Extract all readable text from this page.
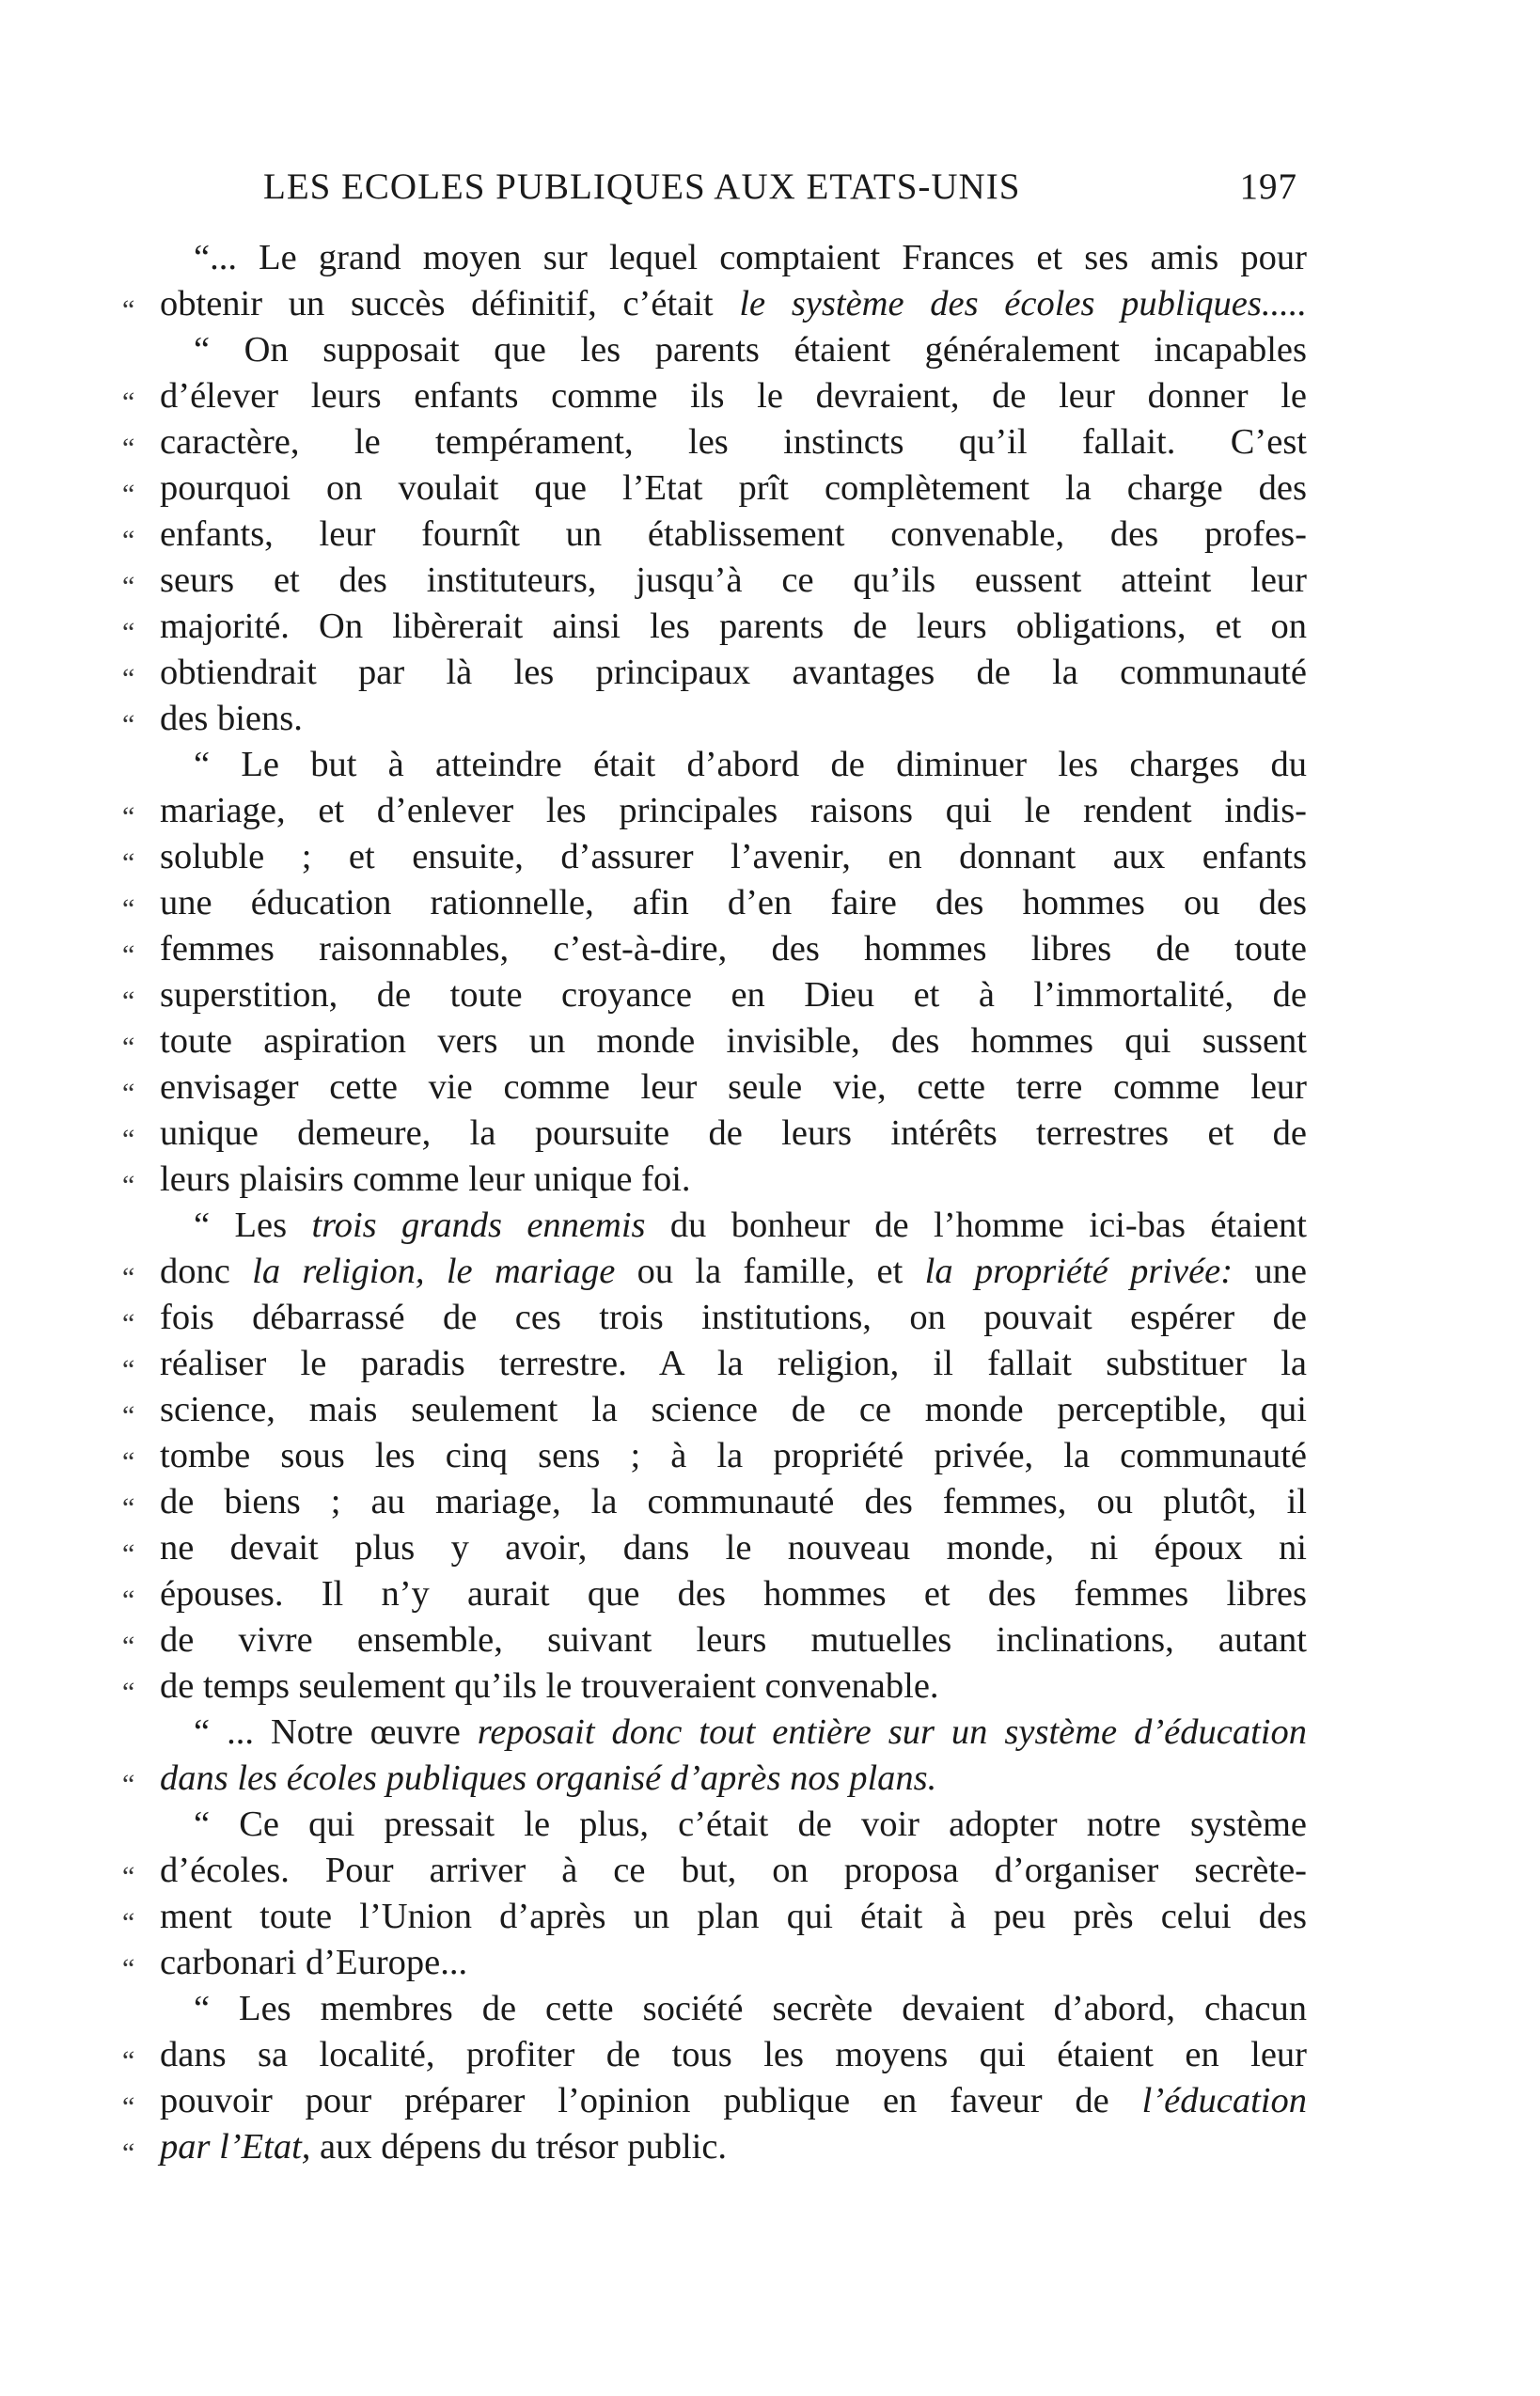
LES ECOLES PUBLIQUES AUX ETATS-UNIS	197
“... Le grand moyen sur lequel comptaient Frances et ses amis pour
“ obtenir un succès définitif, c’était le système des écoles publiques.....
“ On supposait que les parents étaient généralement incapables
“ d’élever leurs enfants comme ils le devraient, de leur donner le
“ caractère, le tempérament, les instincts qu’il fallait. C’est
“ pourquoi on voulait que l’Etat prît complètement la charge des
“ enfants, leur fournît un établissement convenable, des profes-
“ seurs et des instituteurs, jusqu’à ce qu’ils eussent atteint leur
“ majorité. On libèrerait ainsi les parents de leurs obligations, et on
“ obtiendrait par là les principaux avantages de la communauté
“ des biens.
“ Le but à atteindre était d’abord de diminuer les charges du
“ mariage, et d’enlever les principales raisons qui le rendent indis-
“ soluble ; et ensuite, d’assurer l’avenir, en donnant aux enfants
“ une éducation rationnelle, afin d’en faire des hommes ou des
“ femmes raisonnables, c’est-à-dire, des hommes libres de toute
“ superstition, de toute croyance en Dieu et à l’immortalité, de
“ toute aspiration vers un monde invisible, des hommes qui sussent
“ envisager cette vie comme leur seule vie, cette terre comme leur
“ unique demeure, la poursuite de leurs intérêts terrestres et de
“ leurs plaisirs comme leur unique foi.
“ Les trois grands ennemis du bonheur de l’homme ici-bas étaient
“ donc la religion, le mariage ou la famille, et la propriété privée: une
“ fois débarrassé de ces trois institutions, on pouvait espérer de
“ réaliser le paradis terrestre. A la religion, il fallait substituer la
“ science, mais seulement la science de ce monde perceptible, qui
“ tombe sous les cinq sens ; à la propriété privée, la communauté
“ de biens ; au mariage, la communauté des femmes, ou plutôt, il
“ ne devait plus y avoir, dans le nouveau monde, ni époux ni
“ épouses. Il n’y aurait que des hommes et des femmes libres
“ de vivre ensemble, suivant leurs mutuelles inclinations, autant
“ de temps seulement qu’ils le trouveraient convenable.
“ ... Notre œuvre reposait donc tout entière sur un système d’éducation
“ dans les écoles publiques organisé d’après nos plans.
“ Ce qui pressait le plus, c’était de voir adopter notre système
“ d’écoles. Pour arriver à ce but, on proposa d’organiser secrète-
“ ment toute l’Union d’après un plan qui était à peu près celui des
“ carbonari d’Europe...
“ Les membres de cette société secrète devaient d’abord, chacun
“ dans sa localité, profiter de tous les moyens qui étaient en leur
“ pouvoir pour préparer l’opinion publique en faveur de l’éducation
“ par l’Etat, aux dépens du trésor public.
